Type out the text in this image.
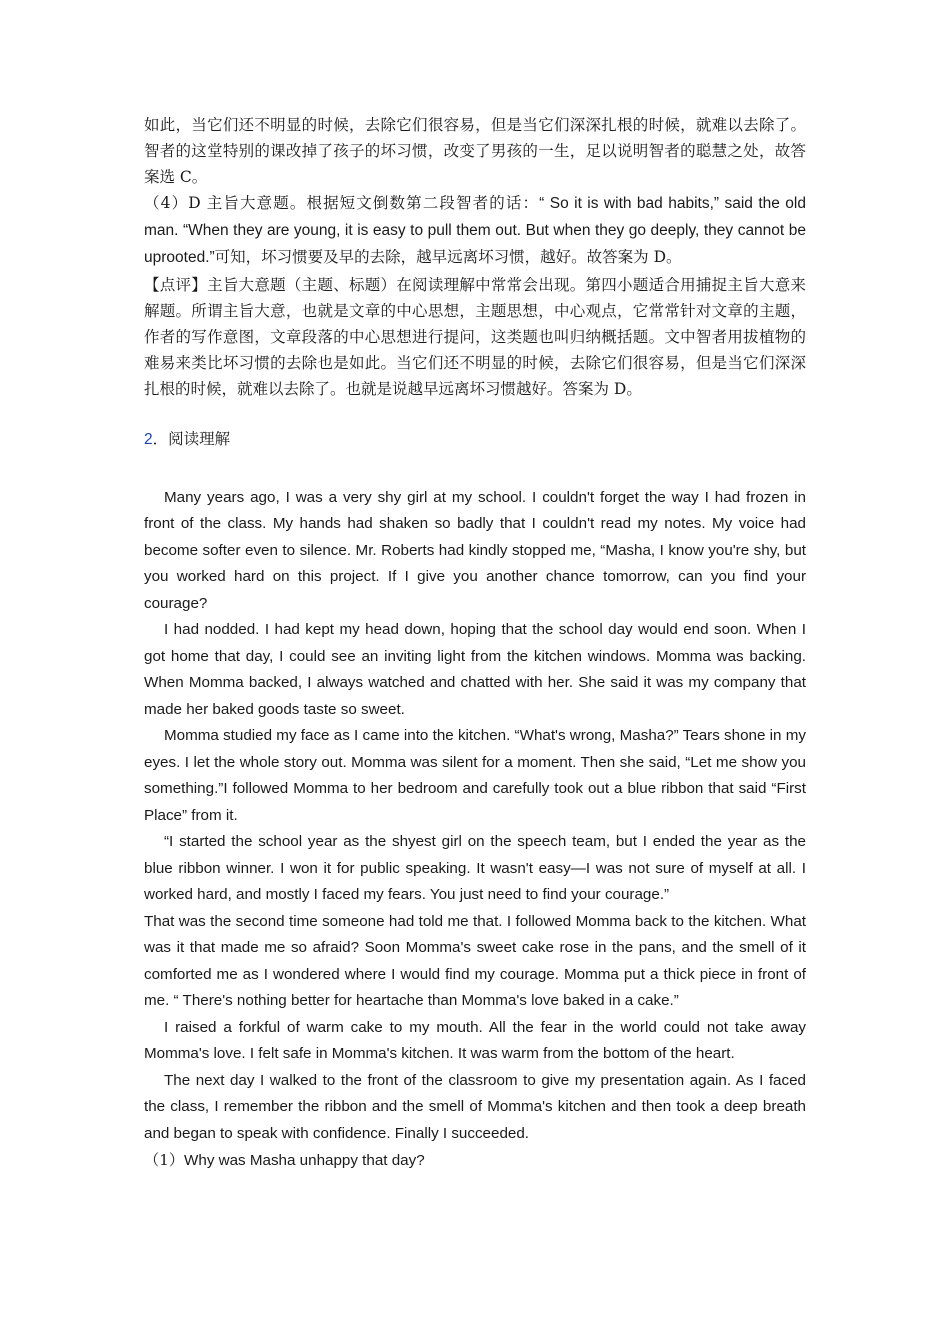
如此，当它们还不明显的时候，去除它们很容易，但是当它们深深扎根的时候，就难以去除了。智者的这堂特别的课改掉了孩子的坏习惯，改变了男孩的一生，足以说明智者的聪慧之处，故答案选 C。

（4）D 主旨大意题。根据短文倒数第二段智者的话：“ So it is with bad habits,” said the old man. “When they are young, it is easy to pull them out. But when they go deeply, they cannot be uprooted.”可知，坏习惯要及早的去除，越早远离坏习惯，越好。故答案为 D。

【点评】主旨大意题（主题、标题）在阅读理解中常常会出现。第四小题适合用捕捉主旨大意来解题。所谓主旨大意，也就是文章的中心思想，主题思想，中心观点，它常常针对文章的主题，作者的写作意图，文章段落的中心思想进行提问，这类题也叫归纳概括题。文中智者用拔植物的难易来类比坏习惯的去除也是如此。当它们还不明显的时候，去除它们很容易，但是当它们深深扎根的时候，就难以去除了。也就是说越早远离坏习惯越好。答案为 D。

2．阅读理解

Many years ago, I was a very shy girl at my school. I couldn't forget the way I had frozen in front of the class. My hands had shaken so badly that I couldn't read my notes. My voice had become softer even to silence. Mr. Roberts had kindly stopped me, “Masha, I know you're shy, but you worked hard on this project. If I give you another chance tomorrow, can you find your courage?

I had nodded. I had kept my head down, hoping that the school day would end soon. When I got home that day, I could see an inviting light from the kitchen windows. Momma was backing. When Momma backed, I always watched and chatted with her. She said it was my company that made her baked goods taste so sweet.

Momma studied my face as I came into the kitchen. “What's wrong, Masha?” Tears shone in my eyes. I let the whole story out. Momma was silent for a moment. Then she said, “Let me show you something.”I followed Momma to her bedroom and carefully took out a blue ribbon that said “First Place” from it.

“I started the school year as the shyest girl on the speech team, but I ended the year as the blue ribbon winner. I won it for public speaking. It wasn't easy—I was not sure of myself at all. I worked hard, and mostly I faced my fears. You just need to find your courage.”

That was the second time someone had told me that. I followed Momma back to the kitchen. What was it that made me so afraid? Soon Momma's sweet cake rose in the pans, and the smell of it comforted me as I wondered where I would find my courage. Momma put a thick piece in front of me. “ There's nothing better for heartache than Momma's love baked in a cake.”

I raised a forkful of warm cake to my mouth. All the fear in the world could not take away Momma's love. I felt safe in Momma's kitchen. It was warm from the bottom of the heart.

The next day I walked to the front of the classroom to give my presentation again. As I faced the class, I remember the ribbon and the smell of Momma's kitchen and then took a deep breath and began to speak with confidence. Finally I succeeded.

（1）Why was Masha unhappy that day?
